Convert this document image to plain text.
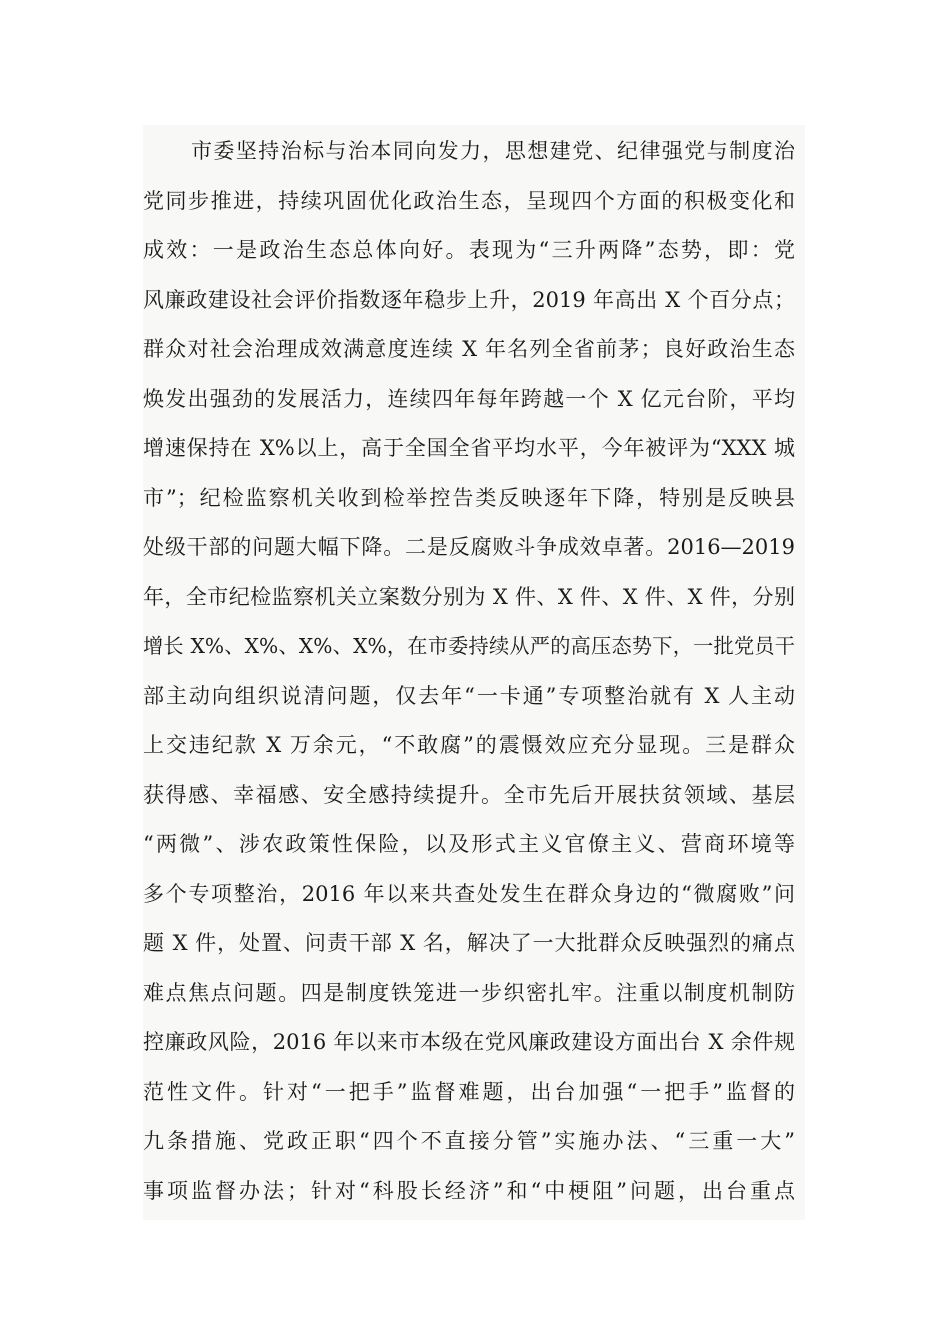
市委坚持治标与治本同向发力，思想建党、纪律强党与制度治
党同步推进，持续巩固优化政治生态，呈现四个方面的积极变化和
成效：一是政治生态总体向好。表现为“三升两降”态势，即：党
风廉政建设社会评价指数逐年稳步上升，2019 年高出 X 个百分点；
群众对社会治理成效满意度连续 X 年名列全省前茅；良好政治生态
焕发出强劲的发展活力，连续四年每年跨越一个 X 亿元台阶，平均
增速保持在 X%以上，高于全国全省平均水平，今年被评为“XXX 城
市”；纪检监察机关收到检举控告类反映逐年下降，特别是反映县
处级干部的问题大幅下降。二是反腐败斗争成效卓著。2016—2019
年，全市纪检监察机关立案数分别为 X 件、X 件、X 件、X 件，分别
增长 X%、X%、X%、X%，在市委持续从严的高压态势下，一批党员干
部主动向组织说清问题，仅去年“一卡通”专项整治就有 X 人主动
上交违纪款 X 万余元，“不敢腐”的震慑效应充分显现。三是群众
获得感、幸福感、安全感持续提升。全市先后开展扶贫领域、基层
“两微”、涉农政策性保险，以及形式主义官僚主义、营商环境等
多个专项整治，2016 年以来共查处发生在群众身边的“微腐败”问
题 X 件，处置、问责干部 X 名，解决了一大批群众反映强烈的痛点
难点焦点问题。四是制度铁笼进一步织密扎牢。注重以制度机制防
控廉政风险，2016 年以来市本级在党风廉政建设方面出台 X 余件规
范性文件。针对“一把手”监督难题，出台加强“一把手”监督的
九条措施、党政正职“四个不直接分管”实施办法、“三重一大”
事项监督办法；针对“科股长经济”和“中梗阻”问题，出台重点
